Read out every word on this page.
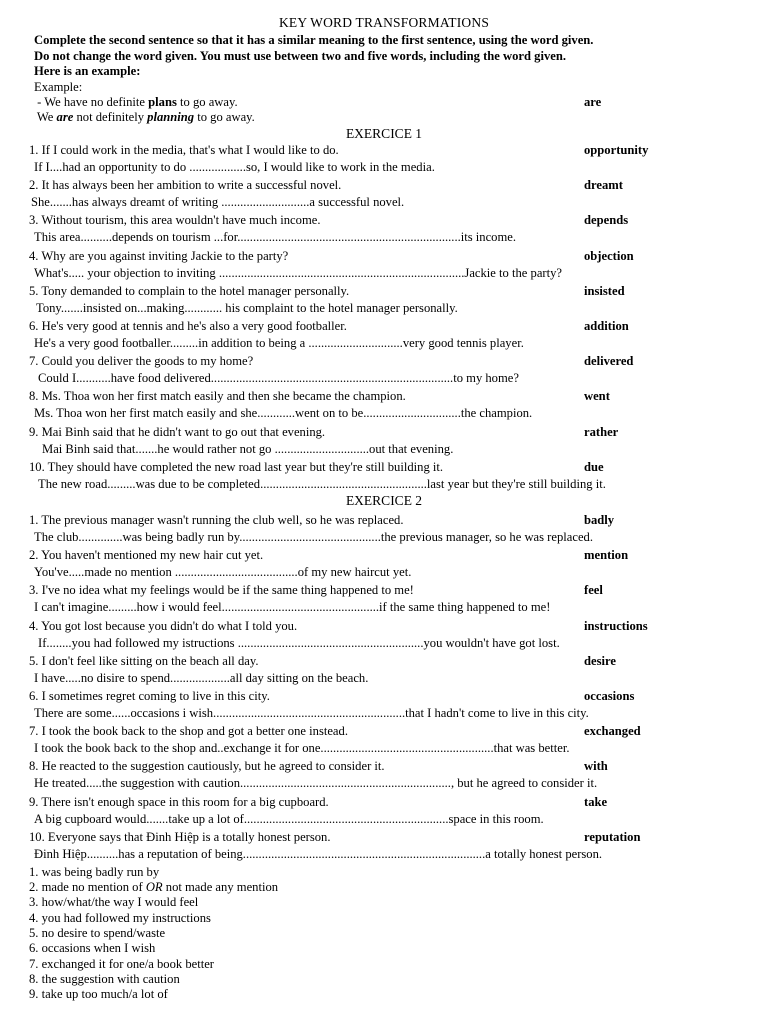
KEY WORD TRANSFORMATIONS
Complete the second sentence so that it has a similar meaning to the first sentence, using the word given.
Do not change the word given. You must use between two and five words, including the word given.
Here is an example:
Example:
- We have no definite plans to go away.	are
We are not definitely planning to go away.
EXERCICE 1
1. If I could work in the media, that's what I would like to do.	opportunity
If I....had an opportunity to do ..................so, I would like to work in the media.
2. It has always been her ambition to write a successful novel.	dreamt
She.......has always dreamt of writing ............................a successful novel.
3. Without tourism, this area wouldn't have much income.	depends
This area..........depends on tourism ...for.......................................................................its income.
4. Why are you against inviting Jackie to the party?	objection
What's..... your objection to inviting ..............................................................................Jackie to the party?
5. Tony demanded to complain to the hotel manager personally.	insisted
Tony.......insisted on...making............ his complaint to the hotel manager personally.
6. He's very good at tennis and he's also a very good footballer.	addition
He's a very good footballer.........in addition to being a ..............................very good tennis player.
7. Could you deliver the goods to my home?	delivered
Could I...........have food delivered.............................................................................to my home?
8. Ms. Thoa won her first match easily and then she became the champion.	went
Ms. Thoa won her first match easily and she............went on to be...............................the champion.
9. Mai Binh said that he didn't want to go out that evening.	rather
Mai Binh said that.......he would rather not go ..............................out that evening.
10. They should have completed the new road last year but they're still building it.	due
The new road.........was due to be completed.....................................................last year but they're still building it.
EXERCICE 2
1. The previous manager wasn't running the club well, so he was replaced.	badly
The club..............was being badly run by.............................................the previous manager, so he was replaced.
2. You haven't mentioned my new hair cut yet.	mention
You've.....made no mention .......................................of my new haircut yet.
3. I've no idea what my feelings would be if the same thing happened to me!	feel
I can't imagine.........how i would feel..................................................if the same thing happened to me!
4. You got lost because you didn't do what I told you.	instructions
If........you had followed my istructions ...........................................................you wouldn't have got lost.
5. I don't feel like sitting on the beach all day.	desire
I have.....no disire to spend...................all day sitting on the beach.
6. I sometimes regret coming to live in this city.	occasions
There are some......occasions i wish.............................................................that I hadn't come to live in this city.
7. I took the book back to the shop and got a better one instead.	exchanged
I took the book back to the shop and..exchange it for one.......................................................that was better.
8. He reacted to the suggestion cautiously, but he agreed to consider it.	with
He treated.....the suggestion with caution..................................................................., but he agreed to consider it.
9. There isn't enough space in this room for a big cupboard.	take
A big cupboard would.......take up a lot of.................................................................space in this room.
10. Everyone says that Đinh Hiệp is a totally honest person.	reputation
Đinh Hiệp..........has a reputation of being.............................................................................a totally honest person.
1. was being badly run by
2. made no mention of OR not made any mention
3. how/what/the way I would feel
4. you had followed my instructions
5. no desire to spend/waste
6. occasions when I wish
7. exchanged it for one/a book better
8. the suggestion with caution
9. take up too much/a lot of
